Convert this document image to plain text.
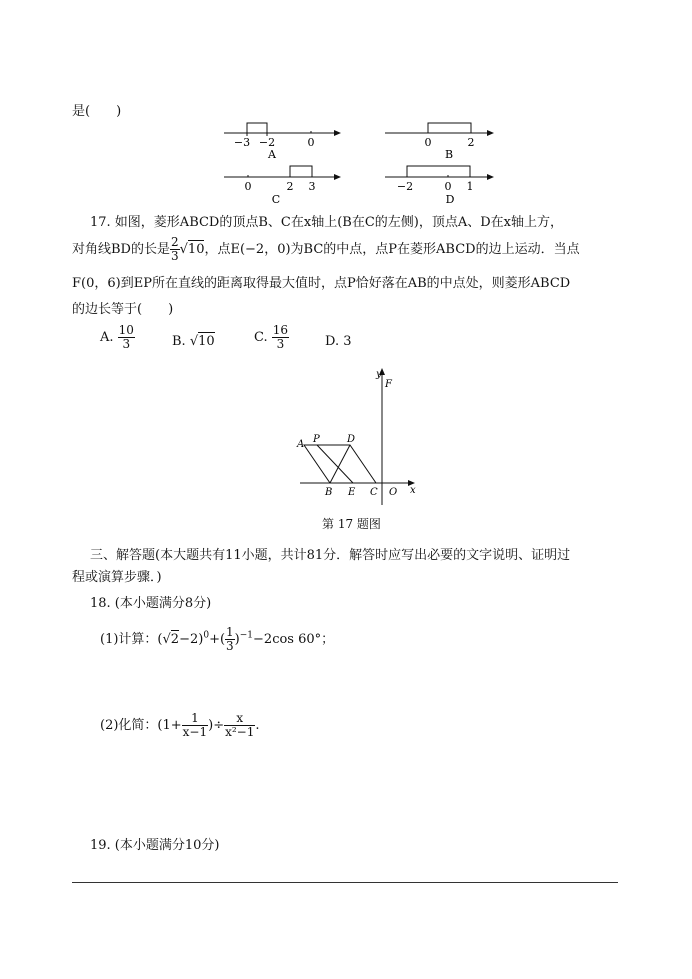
是(　　)
−3 −2	0
A
0	2
B
0	2 3
C
−2	0 1
D
17. 如图，菱形ABCD的顶点B、C在x轴上(B在C的左侧)，顶点A、D在x轴上方，
对角线BD的长是 $\frac{2}{3} √10$，点E(−2，0)为BC的中点，点P在菱形ABCD的边上运动．当点
F(0，6)到EP所在直线的距离取得最大值时，点P恰好落在AB的中点处，则菱形ABCD
的边长等于(　　)
A. $\frac{10}{3}$	B. √10	C. $\frac{16}{3}$	D. 3
y
F
x
A P	D
B E C O
第 17 题图
三、解答题(本大题共有11小题，共计81分．解答时应写出必要的文字说明、证明过
程或演算步骤．)
18. (本小题满分8分)
(1)计算：$(√2-2)^0+( \frac{1}{3} )^{-1}-2\cos$ 60°；
(2)化简：($1+ \frac{1}{x-1}$ )÷ $\frac{x}{\text{x²−1}}$ .
19. (本小题满分10分)
